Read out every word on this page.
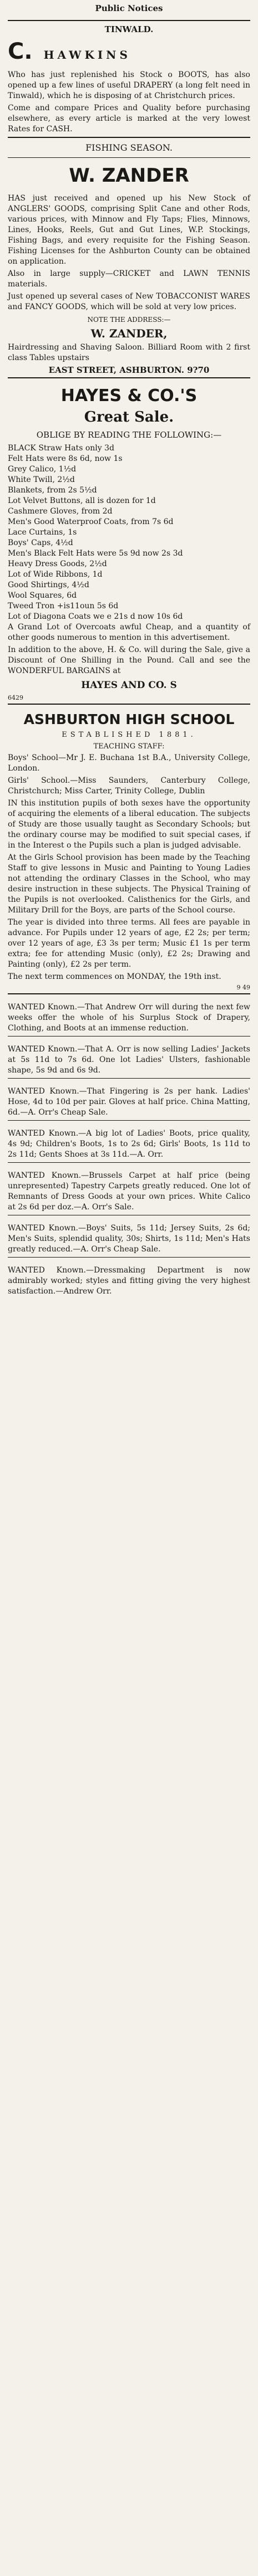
Public Notices
TINWALD.
C. HAWKINS

Who has just replenished his Stock o BOOTS, has also opened up a few lines of useful DRAPERY (a long felt need in Tinwald), which he is disposing of at Christchurch prices.

Come and compare Prices and Quality before purchasing elsewhere, as every article is marked at the very lowest Rates for CASH.

FISHING SEASON.
W. ZANDER

HAS just received and opened up his New Stock of ANGLERS' GOODS, comprising Split Cane and other Rods, various prices, with Minnow and Fly Taps; Flies, Minnows, Lines, Hooks, Reels, Gut and Gut Lines, W.P. Stockings, Fishing Bags, and every requisite for the Fishing Season. Fishing Licenses for the Ashburton County can be obtained on application.

Also in large supply—CRICKET and LAWN TENNIS materials.

Just opened up several cases of New TOBACCONIST WARES and FANCY GOODS, which will be sold at very low prices.

NOTE THE ADDRESS:—
W. ZANDER,

Hairdressing and Shaving Saloon. Billiard Room with 2 first class Tables upstairs

EAST STREET, ASHBURTON. 9?70
HAYES & CO.'S
Great Sale.
OBLIGE BY READING THE FOLLOWING:—
BLACK Straw Hats only 3d
Felt Hats were 8s 6d, now 1s
Grey Calico, 1½d
White Twill, 2½d
Blankets, from 2s 5½d
Lot Velvet Buttons, all is dozen for 1d
Cashmere Gloves, from 2d
Men's Good Waterproof Coats, from 7s 6d
Lace Curtains, 1s
Boys' Caps, 4½d
Men's Black Felt Hats were 5s 9d now 2s 3d
Heavy Dress Goods, 2½d
Lot of Wide Ribbons, 1d
Good Shirtings, 4½d
Wool Squares, 6d
Tweed Tron +is11oun 5s 6d
Lot of Diagona Coats we e 21s d now 10s 6d

A Grand Lot of Overcoats awful Cheap, and a quantity of other goods numerous to mention in this advertisement.

In addition to the above, H. & Co. will during the Sale, give a Discount of One Shilling in the Pound. Call and see the WONDERFUL BARGAINS at

HAYES AND CO. S
6429
ASHBURTON HIGH SCHOOL
ESTABLISHED 1881.
TEACHING STAFF:

Boys' School—Mr J. E. Buchana 1st B.A., University College, London.

Girls' School.—Miss Saunders, Canterbury College, Christchurch; Miss Carter, Trinity College, Dublin

IN this institution pupils of both sexes have the opportunity of acquiring the elements of a liberal education. The subjects of Study are those usually taught as Secondary Schools; but the ordinary course may be modified to suit special cases, if in the Interest o the Pupils such a plan is judged advisable.

At the Girls School provision has been made by the Teaching Staff to give lessons in Music and Painting to Young Ladies not attending the ordinary Classes in the School, who may desire instruction in these subjects. The Physical Training of the Pupils is not overlooked. Calisthenics for the Girls, and Military Drill for the Boys, are parts of the School course.

The year is divided into three terms. All fees are payable in advance. For Pupils under 12 years of age, £2 2s; per term; over 12 years of age, £3 3s per term; Music £1 1s per term extra; fee for attending Music (only), £2 2s; Drawing and Painting (only), £2 2s per term.

The next term commences on MONDAY, the 19th inst.

9 49

WANTED Known.—That Andrew Orr will during the next few weeks offer the whole of his Surplus Stock of Drapery, Clothing, and Boots at an immense reduction.

WANTED Known.—That A. Orr is now selling Ladies' Jackets at 5s 11d to 7s 6d. One lot Ladies' Ulsters, fashionable shape, 5s 9d and 6s 9d.

WANTED Known.—That Fingering is 2s per hank. Ladies' Hose, 4d to 10d per pair. Gloves at half price. China Matting, 6d.—A. Orr's Cheap Sale.

WANTED Known.—A big lot of Ladies' Boots, price quality, 4s 9d; Children's Boots, 1s to 2s 6d; Girls' Boots, 1s 11d to 2s 11d; Gents Shoes at 3s 11d.—A. Orr.

WANTED Known.—Brussels Carpet at half price (being unrepresented) Tapestry Carpets greatly reduced. One lot of Remnants of Dress Goods at your own prices. White Calico at 2s 6d per doz.—A. Orr's Sale.

WANTED Known.—Boys' Suits, 5s 11d; Jersey Suits, 2s 6d; Men's Suits, splendid quality, 30s; Shirts, 1s 11d; Men's Hats greatly reduced.—A. Orr's Cheap Sale.

WANTED Known.—Dressmaking Department is now admirably worked; styles and fitting giving the very highest satisfaction.—Andrew Orr.
